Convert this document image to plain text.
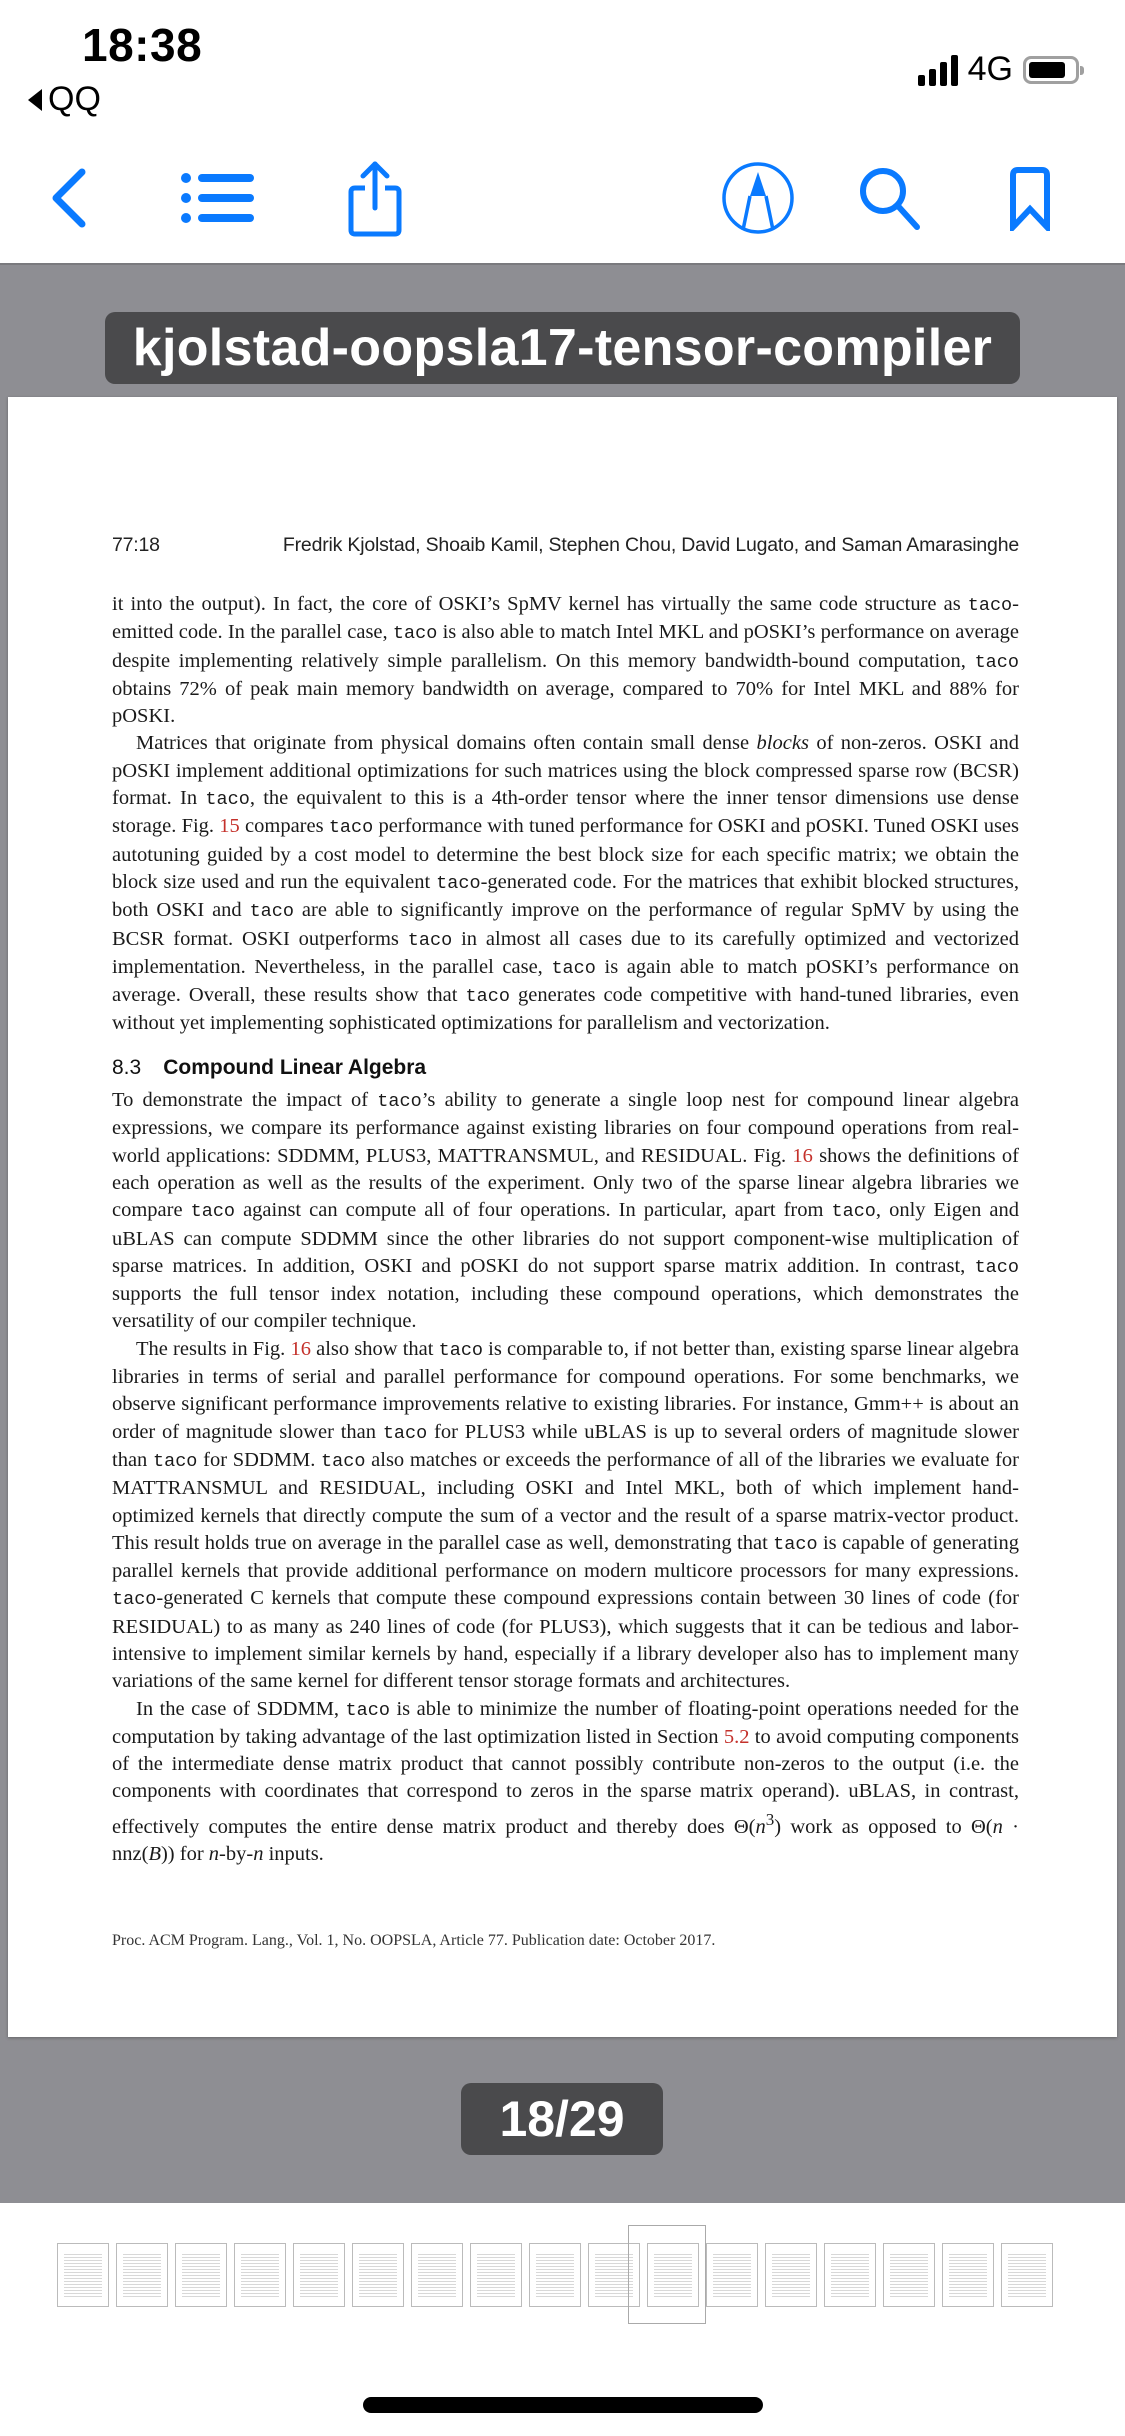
18:38
QQ
4G
kjolstad-oopsla17-tensor-compiler
77:18	Fredrik Kjolstad, Shoaib Kamil, Stephen Chou, David Lugato, and Saman Amarasinghe

it into the output). In fact, the core of OSKI’s SpMV kernel has virtually the same code structure as taco-emitted code. In the parallel case, taco is also able to match Intel MKL and pOSKI’s performance on average despite implementing relatively simple parallelism. On this memory bandwidth-bound computation, taco obtains 72% of peak main memory bandwidth on average, compared to 70% for Intel MKL and 88% for pOSKI.

Matrices that originate from physical domains often contain small dense blocks of non-zeros. OSKI and pOSKI implement additional optimizations for such matrices using the block compressed sparse row (BCSR) format. In taco, the equivalent to this is a 4th-order tensor where the inner tensor dimensions use dense storage. Fig. 15 compares taco performance with tuned performance for OSKI and pOSKI. Tuned OSKI uses autotuning guided by a cost model to determine the best block size for each specific matrix; we obtain the block size used and run the equivalent taco-generated code. For the matrices that exhibit blocked structures, both OSKI and taco are able to significantly improve on the performance of regular SpMV by using the BCSR format. OSKI outperforms taco in almost all cases due to its carefully optimized and vectorized implementation. Nevertheless, in the parallel case, taco is again able to match pOSKI’s performance on average. Overall, these results show that taco generates code competitive with hand-tuned libraries, even without yet implementing sophisticated optimizations for parallelism and vectorization.

8.3 Compound Linear Algebra

To demonstrate the impact of taco’s ability to generate a single loop nest for compound linear algebra expressions, we compare its performance against existing libraries on four compound operations from real-world applications: SDDMM, PLUS3, MATTRANSMUL, and RESIDUAL. Fig. 16 shows the definitions of each operation as well as the results of the experiment. Only two of the sparse linear algebra libraries we compare taco against can compute all of four operations. In particular, apart from taco, only Eigen and uBLAS can compute SDDMM since the other libraries do not support component-wise multiplication of sparse matrices. In addition, OSKI and pOSKI do not support sparse matrix addition. In contrast, taco supports the full tensor index notation, including these compound operations, which demonstrates the versatility of our compiler technique.

The results in Fig. 16 also show that taco is comparable to, if not better than, existing sparse linear algebra libraries in terms of serial and parallel performance for compound operations. For some benchmarks, we observe significant performance improvements relative to existing libraries. For instance, Gmm++ is about an order of magnitude slower than taco for PLUS3 while uBLAS is up to several orders of magnitude slower than taco for SDDMM. taco also matches or exceeds the performance of all of the libraries we evaluate for MATTRANSMUL and RESIDUAL, including OSKI and Intel MKL, both of which implement hand-optimized kernels that directly compute the sum of a vector and the result of a sparse matrix-vector product. This result holds true on average in the parallel case as well, demonstrating that taco is capable of generating parallel kernels that provide additional performance on modern multicore processors for many expressions. taco-generated C kernels that compute these compound expressions contain between 30 lines of code (for RESIDUAL) to as many as 240 lines of code (for PLUS3), which suggests that it can be tedious and labor-intensive to implement similar kernels by hand, especially if a library developer also has to implement many variations of the same kernel for different tensor storage formats and architectures.

In the case of SDDMM, taco is able to minimize the number of floating-point operations needed for the computation by taking advantage of the last optimization listed in Section 5.2 to avoid computing components of the intermediate dense matrix product that cannot possibly contribute non-zeros to the output (i.e. the components with coordinates that correspond to zeros in the sparse matrix operand). uBLAS, in contrast, effectively computes the entire dense matrix product and thereby does $\Theta(n^3)$ work as opposed to Θ(n · nnz(B)) for n-by-n inputs.

Proc. ACM Program. Lang., Vol. 1, No. OOPSLA, Article 77. Publication date: October 2017.
18/29
